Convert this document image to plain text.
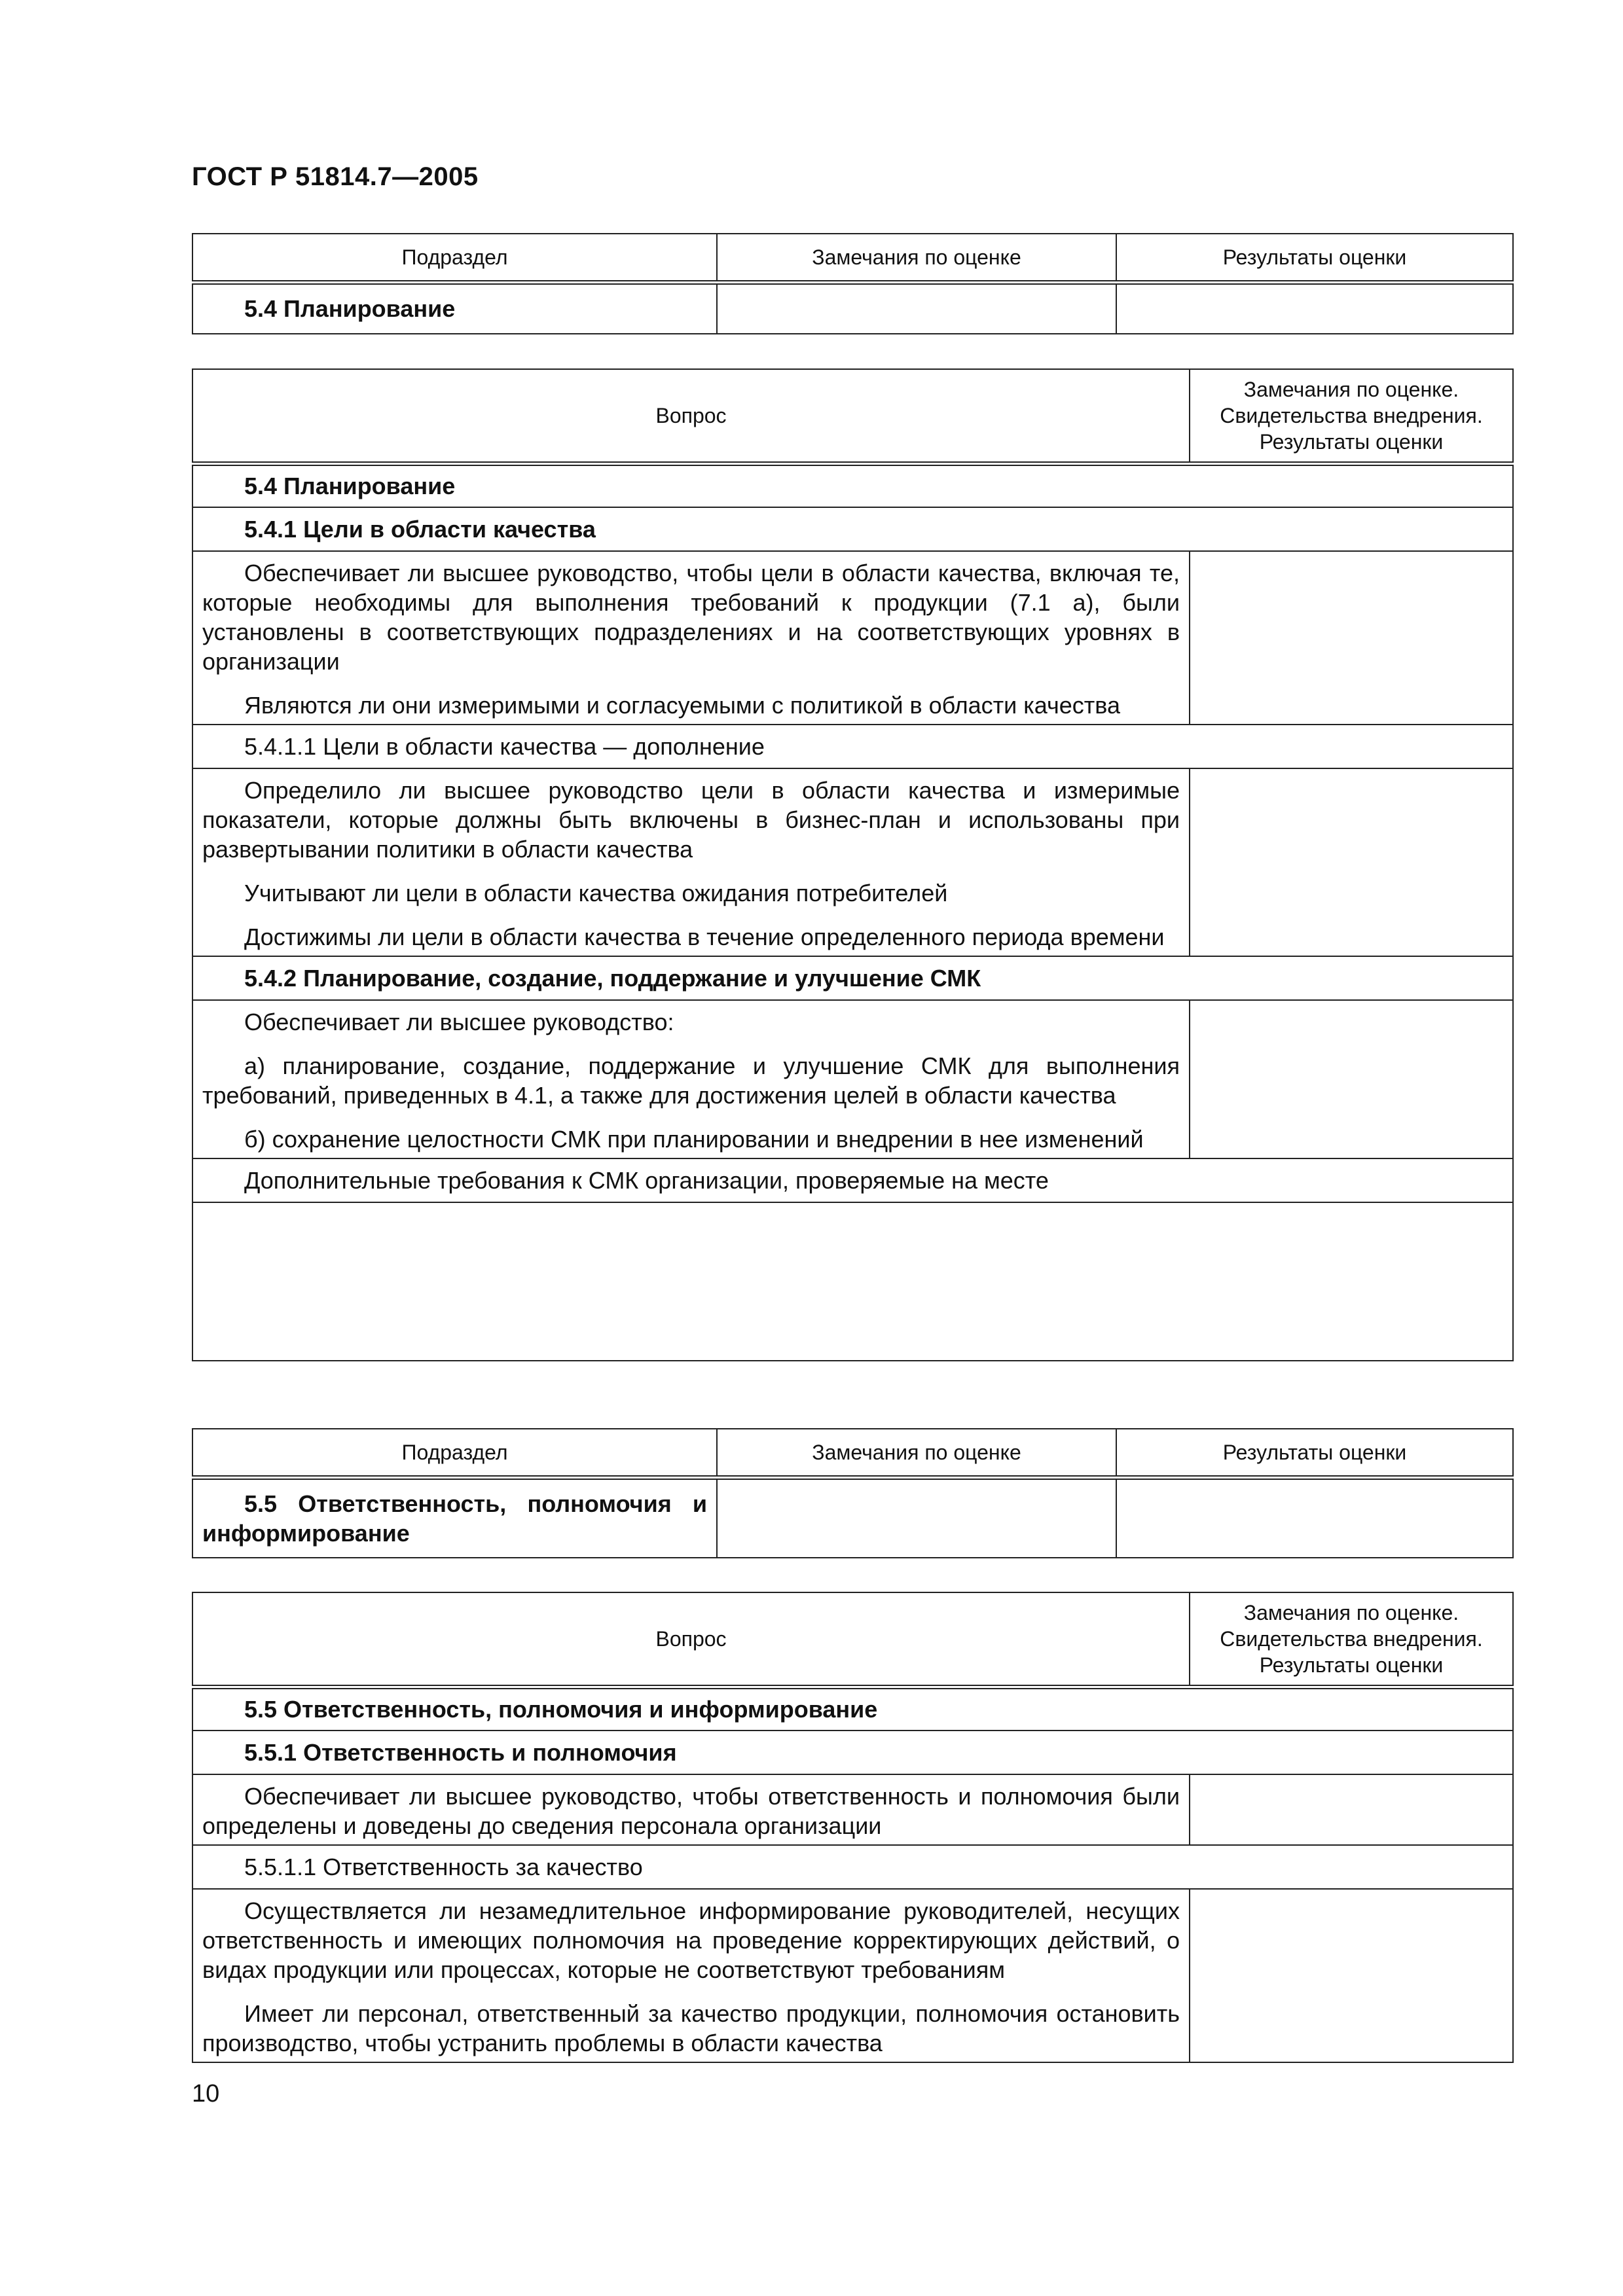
ГОСТ Р 51814.7—2005
Подраздел	Замечания по оценке	Результаты оценки
5.4 Планирование		
Вопрос	Замечания по оценке.
Свидетельства внедрения.
Результаты оценки

5.4 Планирование	
5.4.1 Цели в области качества	

Обеспечивает ли высшее руководство, чтобы цели в области качества, включая те, которые необходимы для выполнения требований к продукции (7.1 а), были установлены в соответствующих подразделениях и на соответствующих уровнях в организации

Являются ли они измеримыми и согласуемыми с политикой в области качества	

5.4.1.1 Цели в области качества — дополнение	

Определило ли высшее руководство цели в области качества и измеримые показатели, которые должны быть включены в бизнес-план и использованы при развертывании политики в области качества

Учитывают ли цели в области качества ожидания потребителей

Достижимы ли цели в области качества в течение определенного периода времени	

5.4.2 Планирование, создание, поддержание и улучшение СМК	

Обеспечивает ли высшее руководство:

а) планирование, создание, поддержание и улучшение СМК для выполнения требований, приведенных в 4.1, а также для достижения целей в области качества

б) сохранение целостности СМК при планировании и внедрении в нее изменений	

Дополнительные требования к СМК организации, проверяемые на месте	

Подраздел	Замечания по оценке	Результаты оценки
5.5 Ответственность, полномочия и информирование		
Вопрос	Замечания по оценке.
Свидетельства внедрения.
Результаты оценки

5.5 Ответственность, полномочия и информирование	
5.5.1 Ответственность и полномочия	

Обеспечивает ли высшее руководство, чтобы ответственность и полномочия были определены и доведены до сведения персонала организации	

5.5.1.1 Ответственность за качество	

Осуществляется ли незамедлительное информирование руководителей, несущих ответственность и имеющих полномочия на проведение корректирующих действий, о видах продукции или процессах, которые не соответствуют требованиям

Имеет ли персонал, ответственный за качество продукции, полномочия остановить производство, чтобы устранить проблемы в области качества	

10
